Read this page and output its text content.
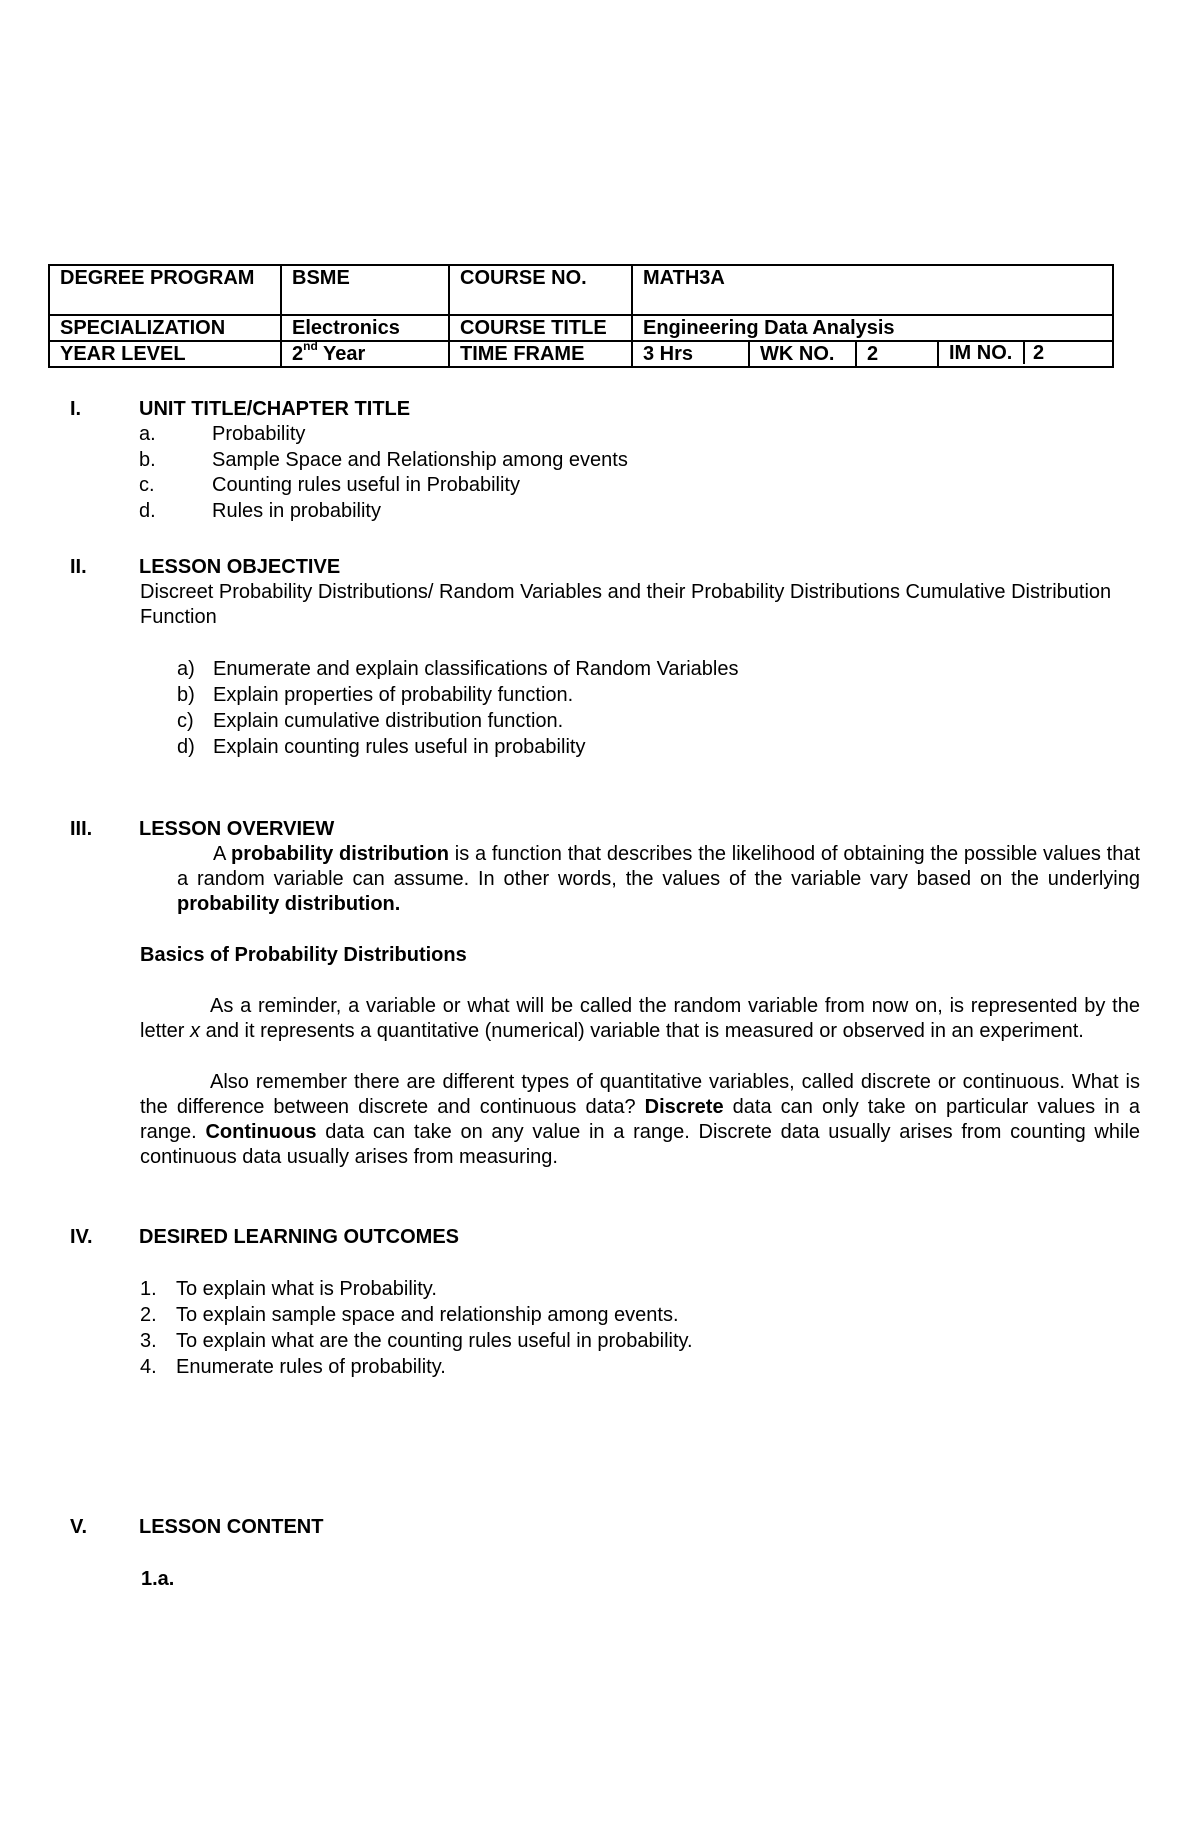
DEGREE PROGRAM	BSME	COURSE NO.	MATH3A			
SPECIALIZATION	Electronics	COURSE TITLE	Engineering Data Analysis			
YEAR LEVEL	2nd Year	TIME FRAME	3 Hrs	WK NO.	2	IM NO. 2
I.	UNIT TITLE/CHAPTER TITLE
a.	Probability
b.	Sample Space and Relationship among events
c.	Counting rules useful in Probability
d.	Rules in probability
II.	LESSON OBJECTIVE
Discreet Probability Distributions/ Random Variables and their Probability Distributions Cumulative Distribution Function
a) Enumerate and explain classifications of Random Variables
b) Explain properties of probability function.
c) Explain cumulative distribution function.
d) Explain counting rules useful in probability
III.	LESSON OVERVIEW
A probability distribution is a function that describes the likelihood of obtaining the possible values that a random variable can assume. In other words, the values of the variable vary based on the underlying probability distribution.
Basics of Probability Distributions
As a reminder, a variable or what will be called the random variable from now on, is represented by the letter x and it represents a quantitative (numerical) variable that is measured or observed in an experiment.
Also remember there are different types of quantitative variables, called discrete or continuous. What is the difference between discrete and continuous data? Discrete data can only take on particular values in a range. Continuous data can take on any value in a range. Discrete data usually arises from counting while continuous data usually arises from measuring.
IV.	DESIRED LEARNING OUTCOMES
1. To explain what is Probability.
2. To explain sample space and relationship among events.
3. To explain what are the counting rules useful in probability.
4. Enumerate rules of probability.
V.	LESSON CONTENT
1.a.
